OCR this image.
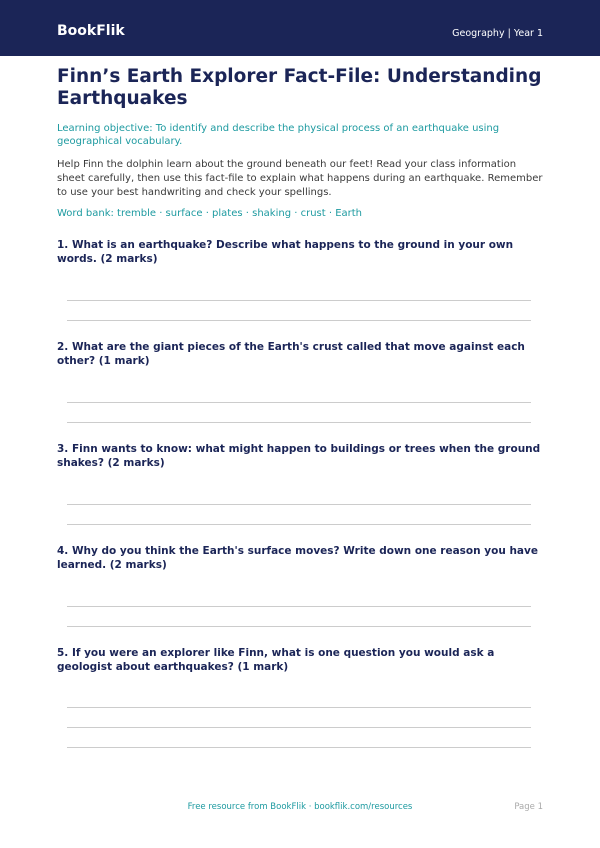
BookFlik	Geography | Year 1
Finn’s Earth Explorer Fact-File: Understanding Earthquakes

Learning objective: To identify and describe the physical process of an earthquake using geographical vocabulary.

Help Finn the dolphin learn about the ground beneath our feet! Read your class information sheet carefully, then use this fact-file to explain what happens during an earthquake. Remember to use your best handwriting and check your spellings.

Word bank: tremble · surface · plates · shaking · crust · Earth

1. What is an earthquake? Describe what happens to the ground in your own words. (2 marks)

2. What are the giant pieces of the Earth's crust called that move against each other? (1 mark)

3. Finn wants to know: what might happen to buildings or trees when the ground shakes? (2 marks)

4. Why do you think the Earth's surface moves? Write down one reason you have learned. (2 marks)

5. If you were an explorer like Finn, what is one question you would ask a geologist about earthquakes? (1 mark)

Free resource from BookFlik · bookflik.com/resources	Page 1
